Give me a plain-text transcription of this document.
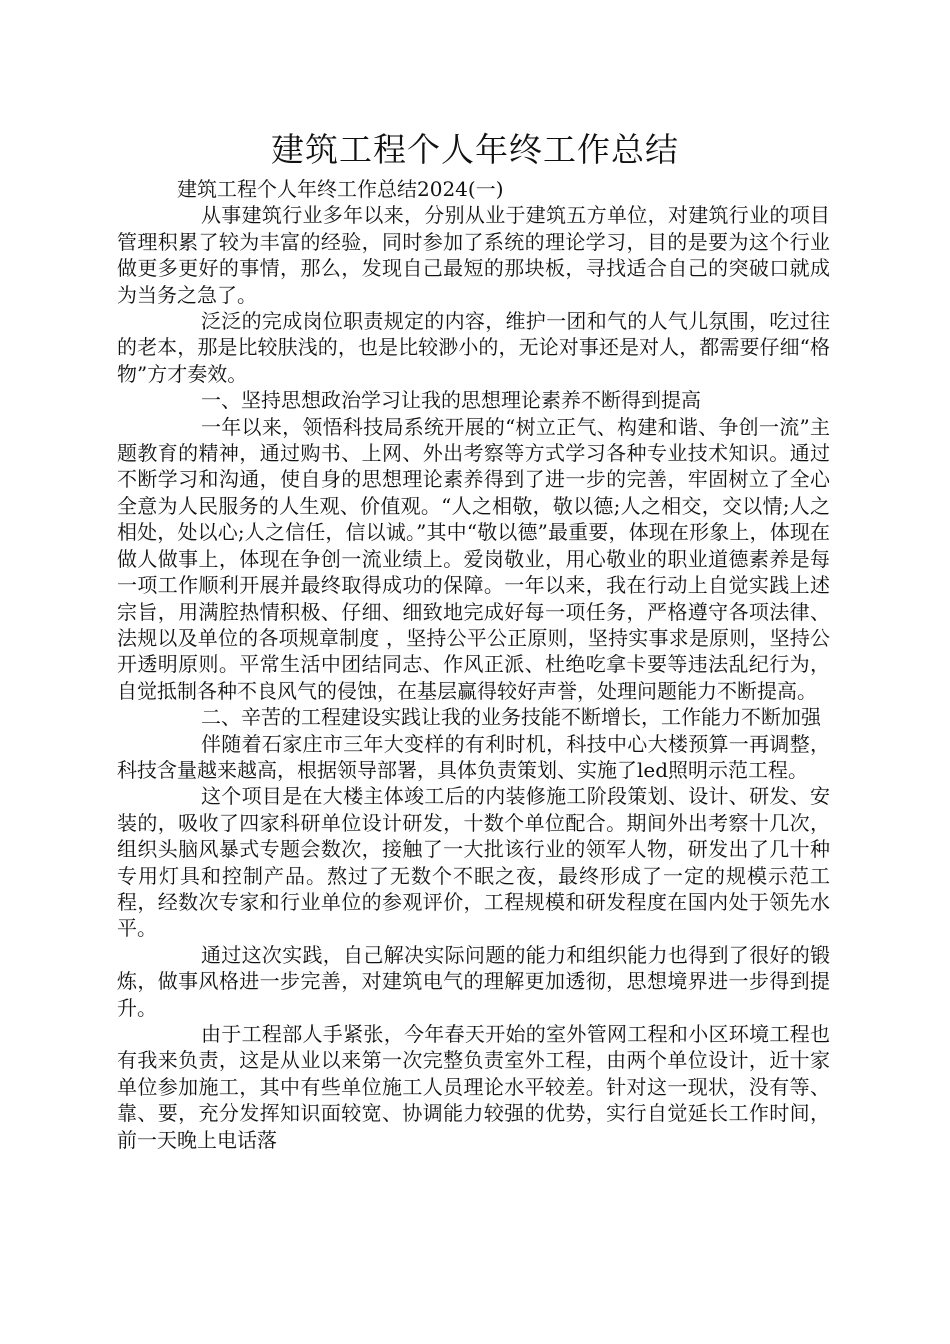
建筑工程个人年终工作总结

建筑工程个人年终工作总结2024(一)

从事建筑行业多年以来，分别从业于建筑五方单位，对建筑行业的项目管理积累了较为丰富的经验，同时参加了系统的理论学习，目的是要为这个行业做更多更好的事情，那么，发现自己最短的那块板，寻找适合自己的突破口就成为当务之急了。

泛泛的完成岗位职责规定的内容，维护一团和气的人气儿氛围，吃过往的老本，那是比较肤浅的，也是比较渺小的，无论对事还是对人，都需要仔细“格物”方才奏效。

一、坚持思想政治学习让我的思想理论素养不断得到提高

一年以来，领悟科技局系统开展的“树立正气、构建和谐、争创一流”主题教育的精神，通过购书、上网、外出考察等方式学习各种专业技术知识。通过不断学习和沟通，使自身的思想理论素养得到了进一步的完善，牢固树立了全心全意为人民服务的人生观、价值观。“人之相敬，敬以德;人之相交，交以情;人之相处，处以心;人之信任，信以诚。”其中“敬以德”最重要，体现在形象上，体现在做人做事上，体现在争创一流业绩上。爱岗敬业，用心敬业的职业道德素养是每一项工作顺利开展并最终取得成功的保障。一年以来，我在行动上自觉实践上述宗旨，用满腔热情积极、仔细、细致地完成好每一项任务，严格遵守各项法律、法规以及单位的各项规章制度 ，坚持公平公正原则，坚持实事求是原则，坚持公开透明原则。平常生活中团结同志、作风正派、杜绝吃拿卡要等违法乱纪行为，自觉抵制各种不良风气的侵蚀，在基层赢得较好声誉，处理问题能力不断提高。

二、辛苦的工程建设实践让我的业务技能不断增长，工作能力不断加强

伴随着石家庄市三年大变样的有利时机，科技中心大楼预算一再调整，科技含量越来越高，根据领导部署，具体负责策划、实施了led照明示范工程。

这个项目是在大楼主体竣工后的内装修施工阶段策划、设计、研发、安装的，吸收了四家科研单位设计研发，十数个单位配合。期间外出考察十几次，组织头脑风暴式专题会数次，接触了一大批该行业的领军人物，研发出了几十种专用灯具和控制产品。熬过了无数个不眠之夜，最终形成了一定的规模示范工程，经数次专家和行业单位的参观评价，工程规模和研发程度在国内处于领先水平。

通过这次实践，自己解决实际问题的能力和组织能力也得到了很好的锻炼，做事风格进一步完善，对建筑电气的理解更加透彻，思想境界进一步得到提升。

由于工程部人手紧张，今年春天开始的室外管网工程和小区环境工程也有我来负责，这是从业以来第一次完整负责室外工程，由两个单位设计，近十家单位参加施工，其中有些单位施工人员理论水平较差。针对这一现状，没有等、靠、要，充分发挥知识面较宽、协调能力较强的优势，实行自觉延长工作时间，前一天晚上电话落
